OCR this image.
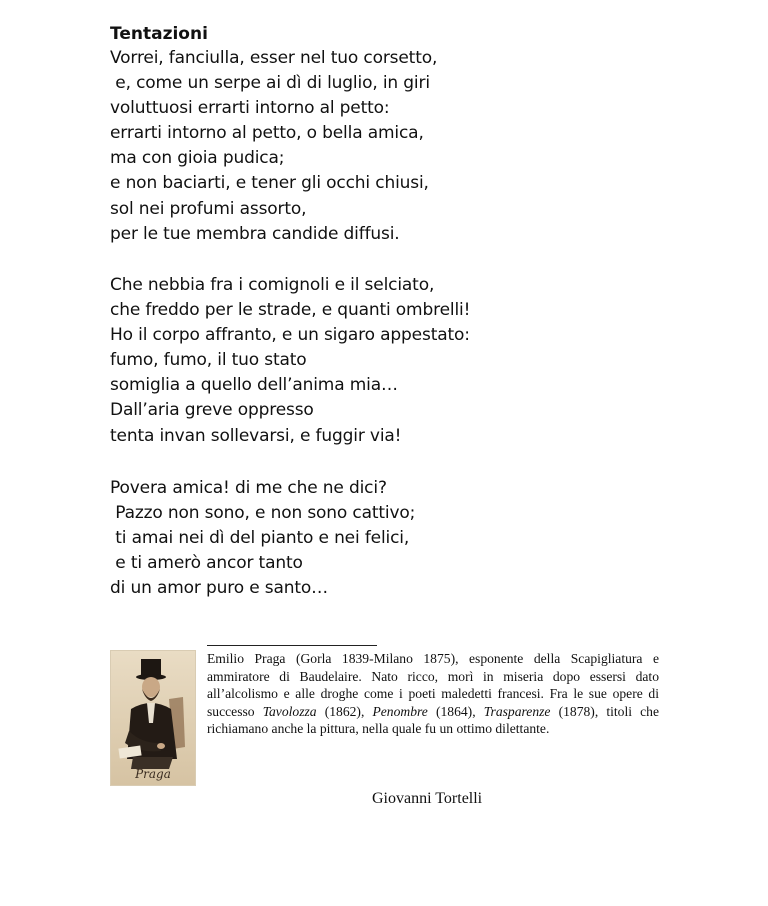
Tentazioni

Vorrei, fanciulla, esser nel tuo corsetto,
e, come un serpe ai dì di luglio, in giri
voluttuosi errarti intorno al petto:
errarti intorno al petto, o bella amica,
ma con gioia pudica;
e non baciarti, e tener gli occhi chiusi,
sol nei profumi assorto,
per le tue membra candide diffusi.

Che nebbia fra i comignoli e il selciato,
che freddo per le strade, e quanti ombrelli!
Ho il corpo affranto, e un sigaro appestato:
fumo, fumo, il tuo stato
somiglia a quello dell’anima mia…
Dall’aria greve oppresso
tenta invan sollevarsi, e fuggir via!

Povera amica! di me che ne dici?
Pazzo non sono, e non sono cattivo;
ti amai nei dì del pianto e nei felici,
e ti amerò ancor tanto
di un amor puro e santo…

Praga

Emilio Praga (Gorla 1839-Milano 1875), esponente della Scapigliatura e ammiratore di Baudelaire. Nato ricco, morì in miseria dopo essersi dato all’alcolismo e alle droghe come i poeti maledetti francesi. Fra le sue opere di successo Tavolozza (1862), Penombre (1864), Trasparenze (1878), titoli che richiamano anche la pittura, nella quale fu un ottimo dilettante.

Giovanni Tortelli
